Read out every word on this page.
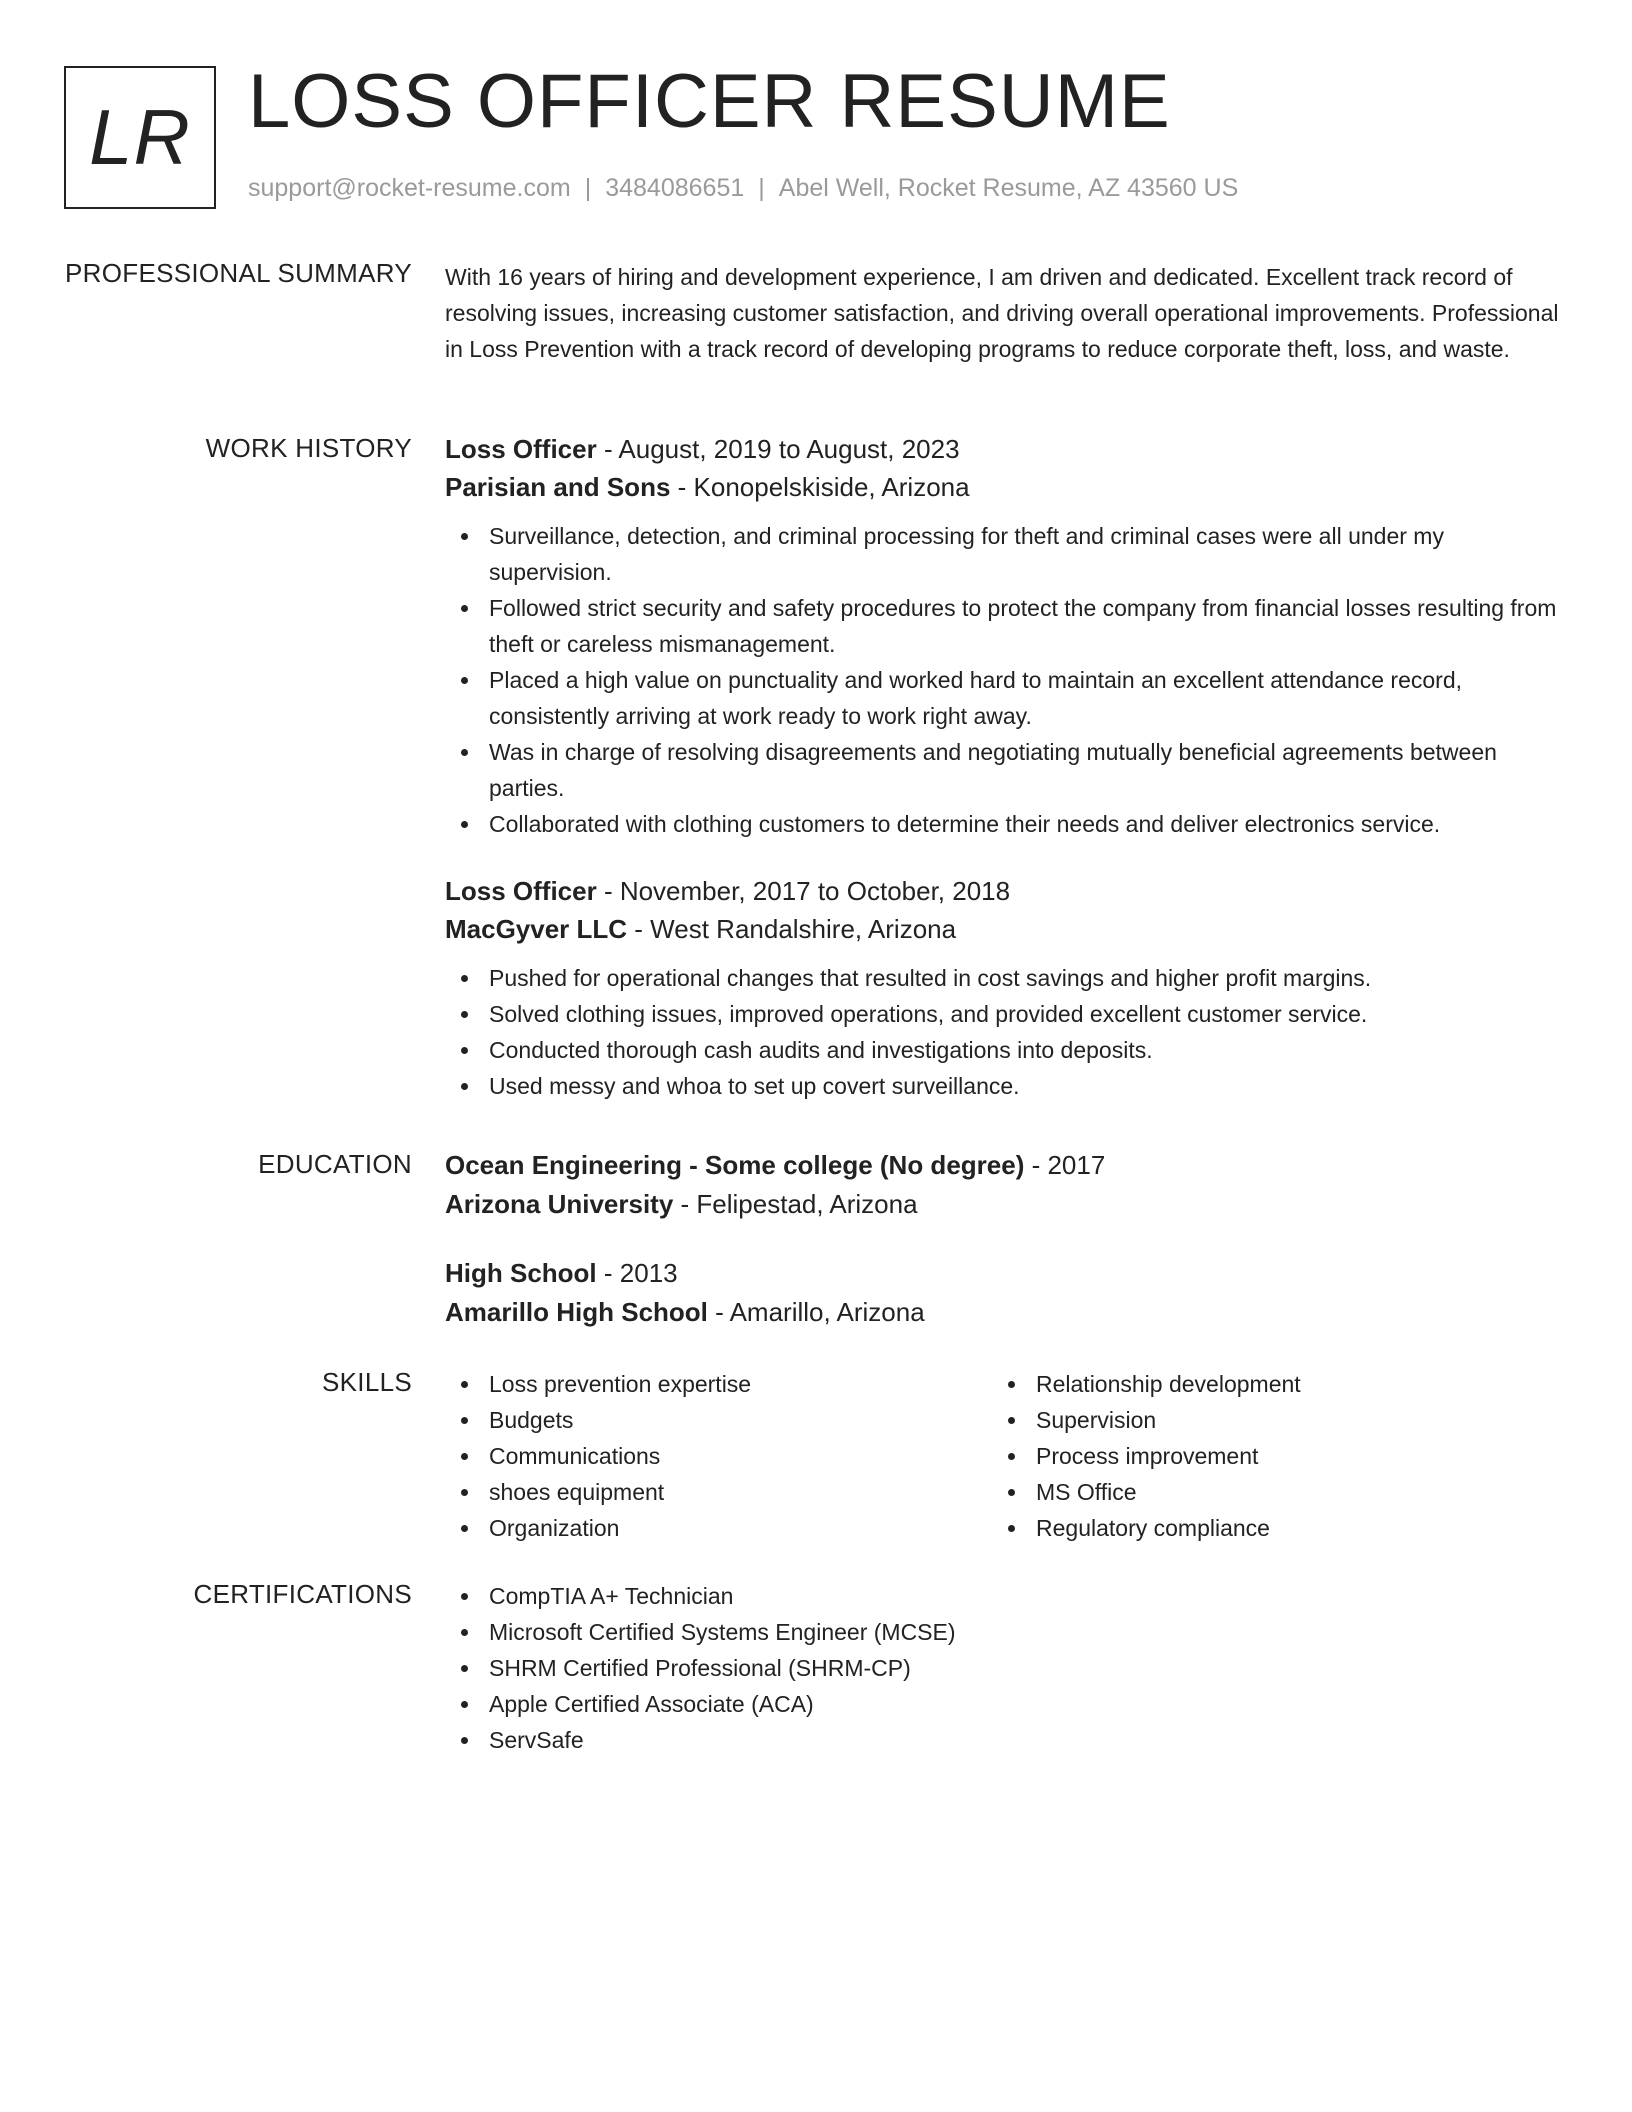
LR LOSS OFFICER RESUME
support@rocket-resume.com | 3484086651 | Abel Well, Rocket Resume, AZ 43560 US
PROFESSIONAL SUMMARY With 16 years of hiring and development experience, I am driven and dedicated. Excellent track record of resolving issues, increasing customer satisfaction, and driving overall operational improvements. Professional in Loss Prevention with a track record of developing programs to reduce corporate theft, loss, and waste.
WORK HISTORY Loss Officer - August, 2019 to August, 2023
Parisian and Sons - Konopelskiside, Arizona
Surveillance, detection, and criminal processing for theft and criminal cases were all under my supervision.
Followed strict security and safety procedures to protect the company from financial losses resulting from theft or careless mismanagement.
Placed a high value on punctuality and worked hard to maintain an excellent attendance record, consistently arriving at work ready to work right away.
Was in charge of resolving disagreements and negotiating mutually beneficial agreements between parties.
Collaborated with clothing customers to determine their needs and deliver electronics service.
Loss Officer - November, 2017 to October, 2018
MacGyver LLC - West Randalshire, Arizona
Pushed for operational changes that resulted in cost savings and higher profit margins.
Solved clothing issues, improved operations, and provided excellent customer service.
Conducted thorough cash audits and investigations into deposits.
Used messy and whoa to set up covert surveillance.
EDUCATION Ocean Engineering - Some college (No degree) - 2017
Arizona University - Felipestad, Arizona
High School - 2013
Amarillo High School - Amarillo, Arizona
SKILLS	Loss prevention expertise
Budgets
Communications
shoes equipment
Organization
Relationship development
Supervision
Process improvement
MS Office
Regulatory compliance
CERTIFICATIONS	CompTIA A+ Technician
Microsoft Certified Systems Engineer (MCSE)
SHRM Certified Professional (SHRM-CP)
Apple Certified Associate (ACA)
ServSafe
